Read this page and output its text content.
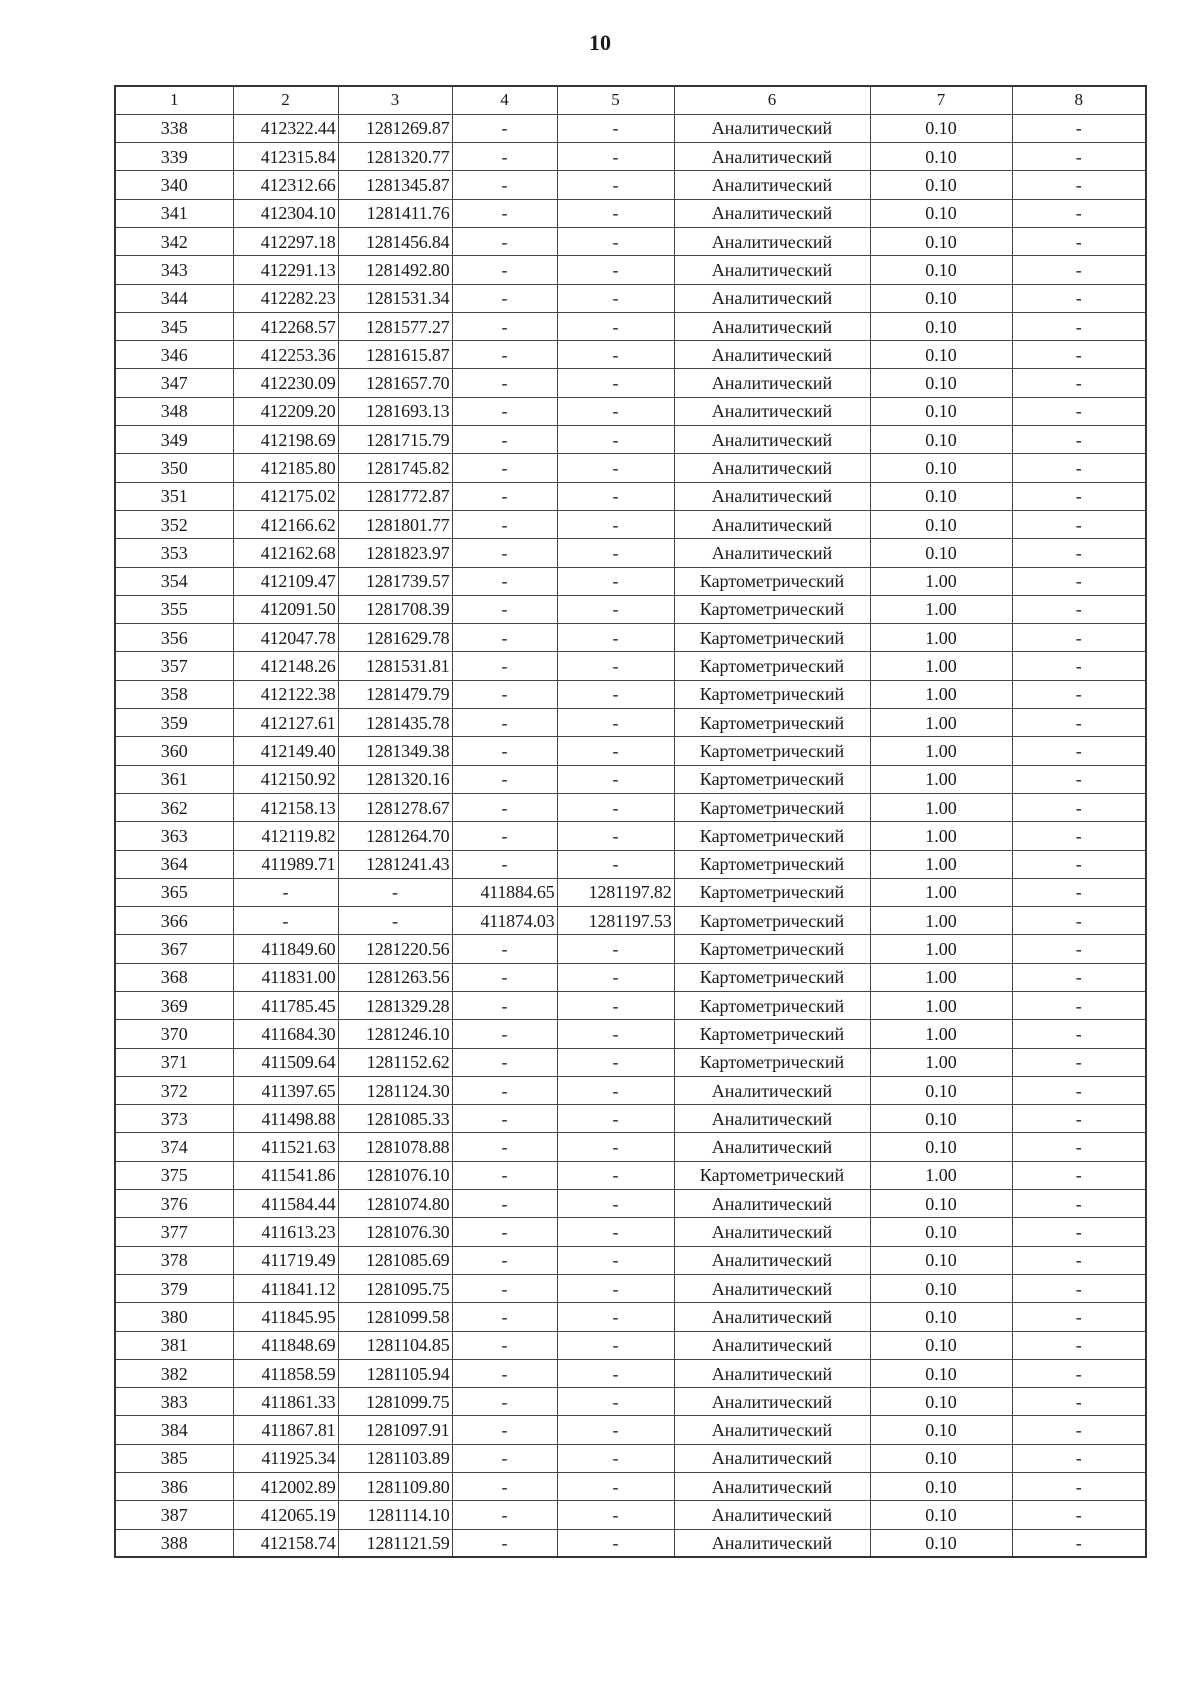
10
1	2	3	4	5	6	7	8
338	412322.44	1281269.87	-	-	Аналитический	0.10	-
339	412315.84	1281320.77	-	-	Аналитический	0.10	-
340	412312.66	1281345.87	-	-	Аналитический	0.10	-
341	412304.10	1281411.76	-	-	Аналитический	0.10	-
342	412297.18	1281456.84	-	-	Аналитический	0.10	-
343	412291.13	1281492.80	-	-	Аналитический	0.10	-
344	412282.23	1281531.34	-	-	Аналитический	0.10	-
345	412268.57	1281577.27	-	-	Аналитический	0.10	-
346	412253.36	1281615.87	-	-	Аналитический	0.10	-
347	412230.09	1281657.70	-	-	Аналитический	0.10	-
348	412209.20	1281693.13	-	-	Аналитический	0.10	-
349	412198.69	1281715.79	-	-	Аналитический	0.10	-
350	412185.80	1281745.82	-	-	Аналитический	0.10	-
351	412175.02	1281772.87	-	-	Аналитический	0.10	-
352	412166.62	1281801.77	-	-	Аналитический	0.10	-
353	412162.68	1281823.97	-	-	Аналитический	0.10	-
354	412109.47	1281739.57	-	-	Картометрический	1.00	-
355	412091.50	1281708.39	-	-	Картометрический	1.00	-
356	412047.78	1281629.78	-	-	Картометрический	1.00	-
357	412148.26	1281531.81	-	-	Картометрический	1.00	-
358	412122.38	1281479.79	-	-	Картометрический	1.00	-
359	412127.61	1281435.78	-	-	Картометрический	1.00	-
360	412149.40	1281349.38	-	-	Картометрический	1.00	-
361	412150.92	1281320.16	-	-	Картометрический	1.00	-
362	412158.13	1281278.67	-	-	Картометрический	1.00	-
363	412119.82	1281264.70	-	-	Картометрический	1.00	-
364	411989.71	1281241.43	-	-	Картометрический	1.00	-
365	-	-	411884.65	1281197.82	Картометрический	1.00	-
366	-	-	411874.03	1281197.53	Картометрический	1.00	-
367	411849.60	1281220.56	-	-	Картометрический	1.00	-
368	411831.00	1281263.56	-	-	Картометрический	1.00	-
369	411785.45	1281329.28	-	-	Картометрический	1.00	-
370	411684.30	1281246.10	-	-	Картометрический	1.00	-
371	411509.64	1281152.62	-	-	Картометрический	1.00	-
372	411397.65	1281124.30	-	-	Аналитический	0.10	-
373	411498.88	1281085.33	-	-	Аналитический	0.10	-
374	411521.63	1281078.88	-	-	Аналитический	0.10	-
375	411541.86	1281076.10	-	-	Картометрический	1.00	-
376	411584.44	1281074.80	-	-	Аналитический	0.10	-
377	411613.23	1281076.30	-	-	Аналитический	0.10	-
378	411719.49	1281085.69	-	-	Аналитический	0.10	-
379	411841.12	1281095.75	-	-	Аналитический	0.10	-
380	411845.95	1281099.58	-	-	Аналитический	0.10	-
381	411848.69	1281104.85	-	-	Аналитический	0.10	-
382	411858.59	1281105.94	-	-	Аналитический	0.10	-
383	411861.33	1281099.75	-	-	Аналитический	0.10	-
384	411867.81	1281097.91	-	-	Аналитический	0.10	-
385	411925.34	1281103.89	-	-	Аналитический	0.10	-
386	412002.89	1281109.80	-	-	Аналитический	0.10	-
387	412065.19	1281114.10	-	-	Аналитический	0.10	-
388	412158.74	1281121.59	-	-	Аналитический	0.10	-
